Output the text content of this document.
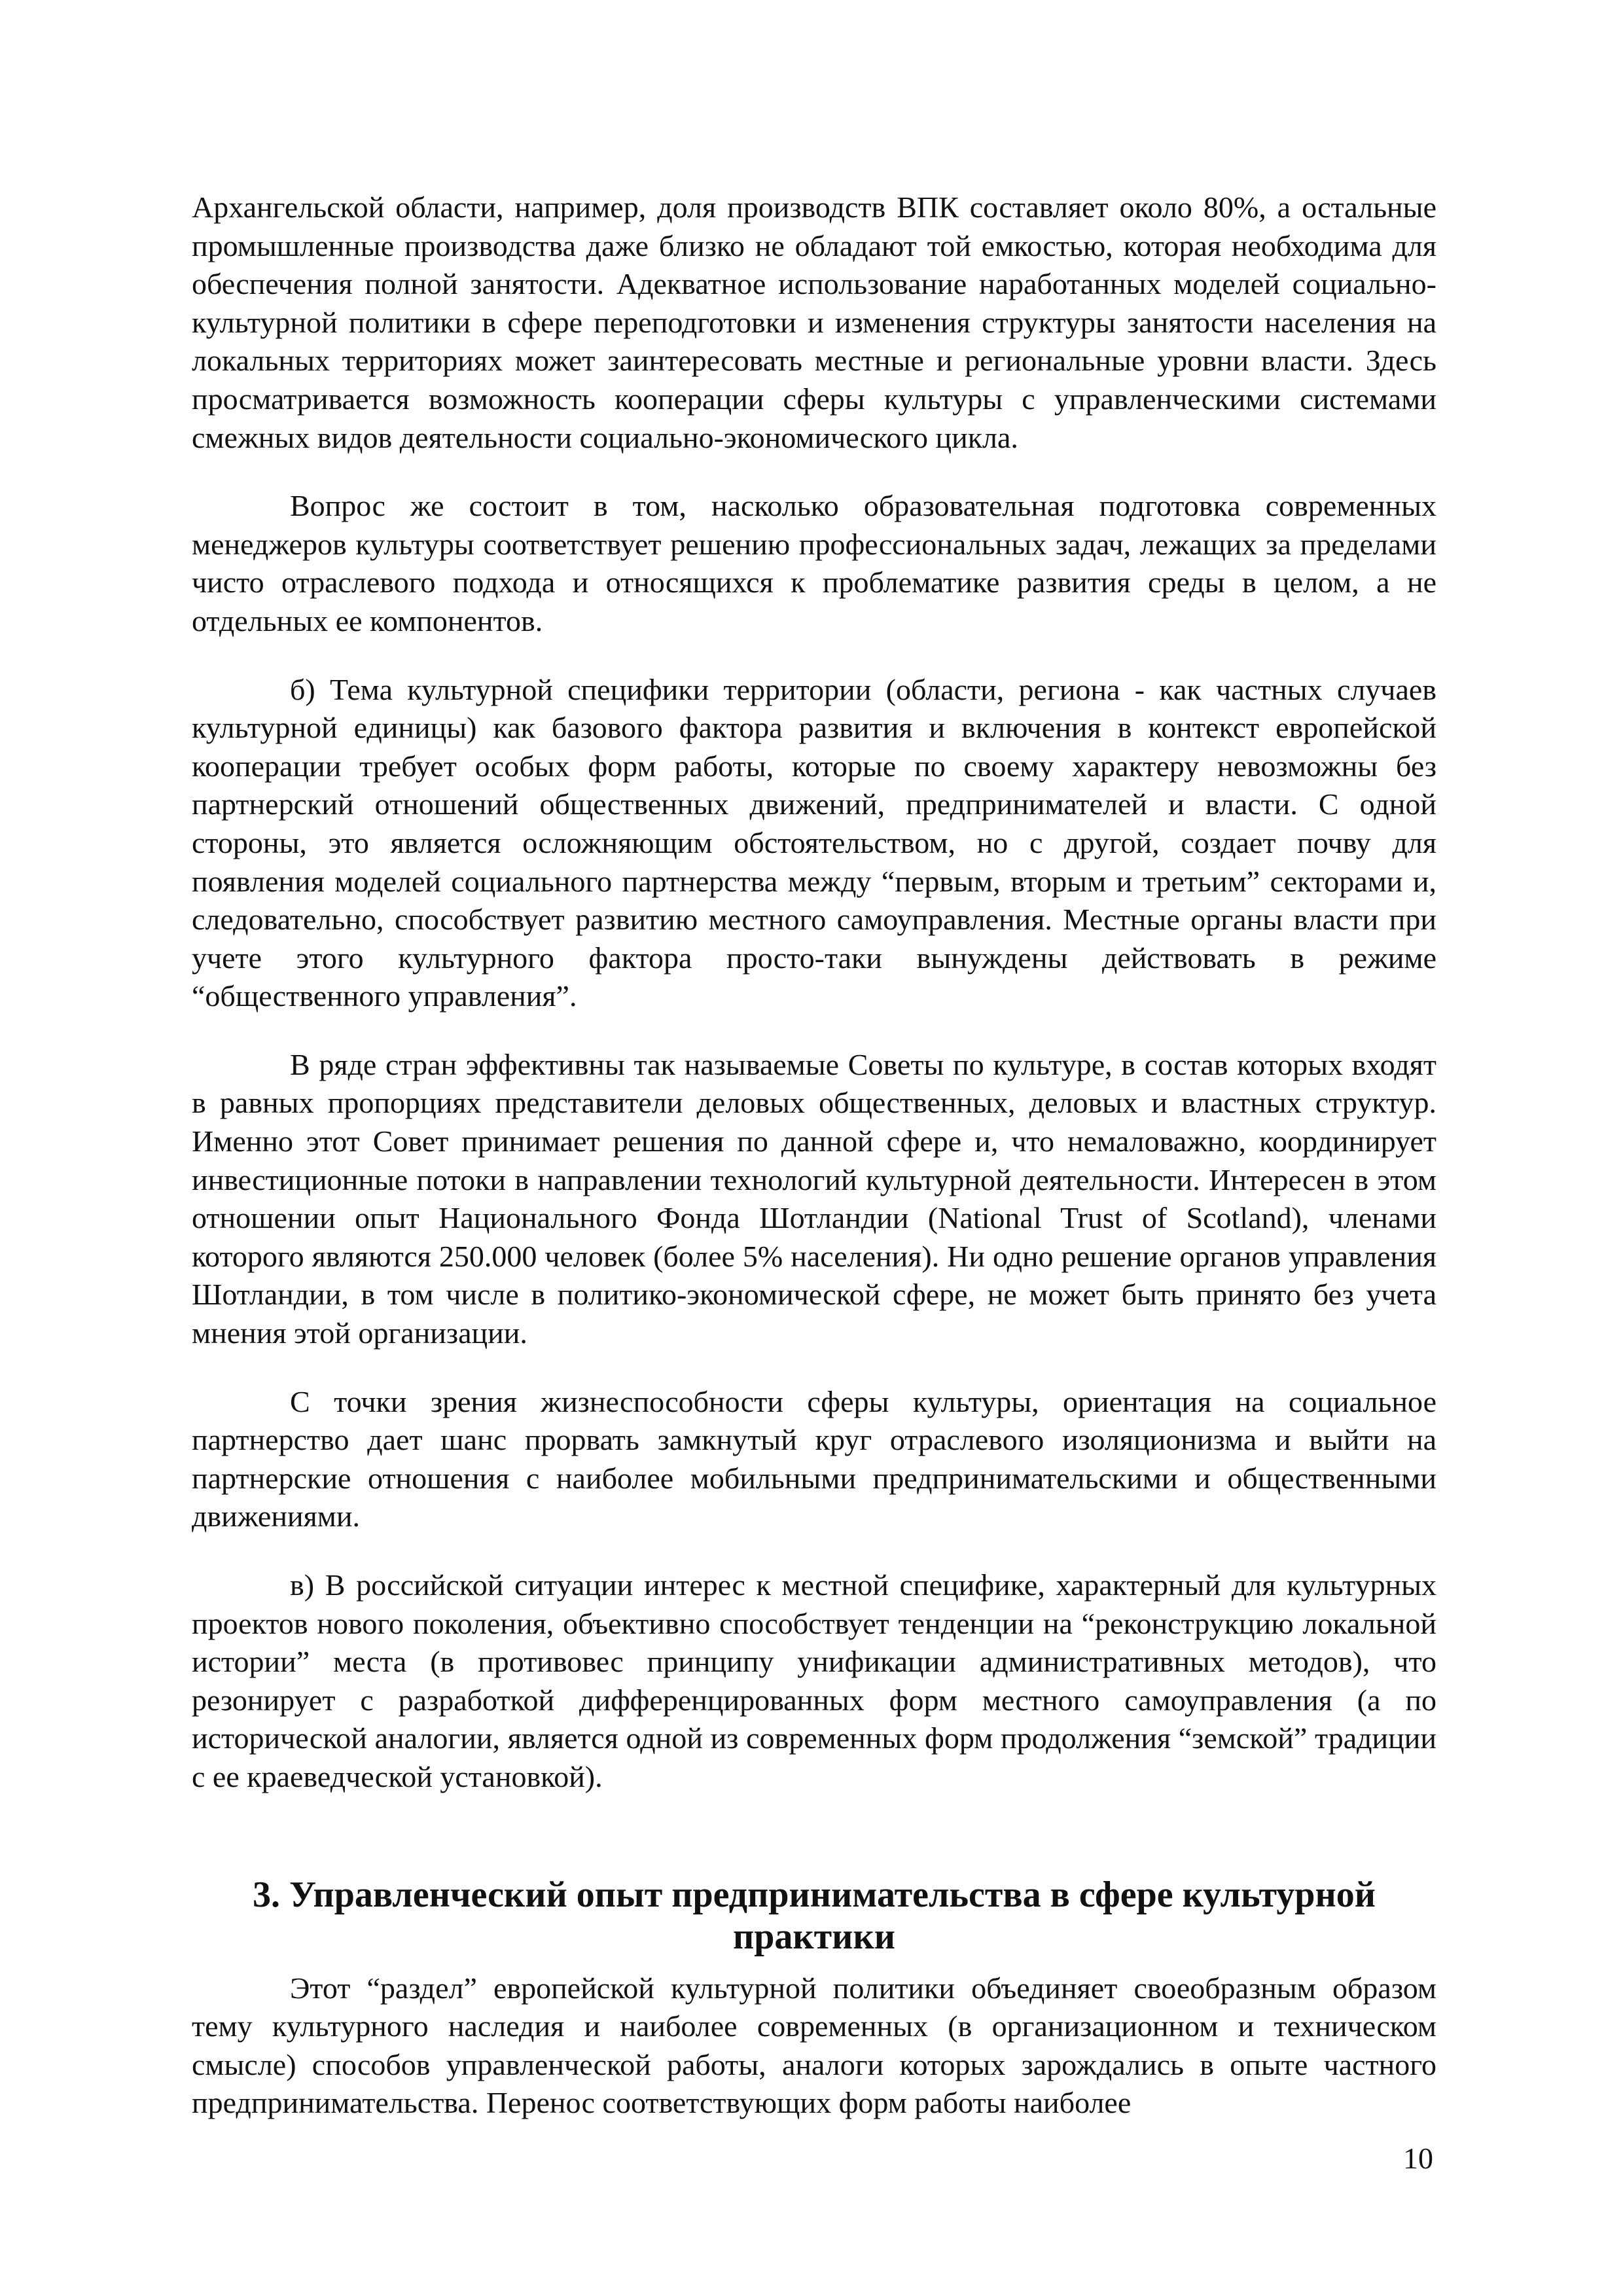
Архангельской области, например, доля производств ВПК составляет около 80%, а остальные промышленные производства даже близко не обладают той емкостью, которая необходима для обеспечения полной занятости. Адекватное использование наработанных моделей социально-культурной политики в сфере переподготовки и изменения структуры занятости населения на локальных территориях может заинтересовать местные и региональные уровни власти. Здесь просматривается возможность кооперации сферы культуры с управленческими системами смежных видов деятельности социально-экономического цикла.

Вопрос же состоит в том, насколько образовательная подготовка современных менеджеров культуры соответствует решению профессиональных задач, лежащих за пределами чисто отраслевого подхода и относящихся к проблематике развития среды в целом, а не отдельных ее компонентов.

б) Тема культурной специфики территории (области, региона - как частных случаев культурной единицы) как базового фактора развития и включения в контекст европейской кооперации требует особых форм работы, которые по своему характеру невозможны без партнерский отношений общественных движений, предпринимателей и власти. С одной стороны, это является осложняющим обстоятельством, но с другой, создает почву для появления моделей социального партнерства между “первым, вторым и третьим” секторами и, следовательно, способствует развитию местного самоуправления. Местные органы власти при учете этого культурного фактора просто-таки вынуждены действовать в режиме “общественного управления”.

В ряде стран эффективны так называемые Советы по культуре, в состав которых входят в равных пропорциях представители деловых общественных, деловых и властных структур. Именно этот Совет принимает решения по данной сфере и, что немаловажно, координирует инвестиционные потоки в направлении технологий культурной деятельности. Интересен в этом отношении опыт Национального Фонда Шотландии (National Trust of Scotland), членами которого являются 250.000 человек (более 5% населения). Ни одно решение органов управления Шотландии, в том числе в политико-экономической сфере, не может быть принято без учета мнения этой организации.

С точки зрения жизнеспособности сферы культуры, ориентация на социальное партнерство дает шанс прорвать замкнутый круг отраслевого изоляционизма и выйти на партнерские отношения с наиболее мобильными предпринимательскими и общественными движениями.

в) В российской ситуации интерес к местной специфике, характерный для культурных проектов нового поколения, объективно способствует тенденции на “реконструкцию локальной истории” места (в противовес принципу унификации административных методов), что резонирует с разработкой дифференцированных форм местного самоуправления (а по исторической аналогии, является одной из современных форм продолжения “земской” традиции с ее краеведческой установкой).

3. Управленческий опыт предпринимательства в сфере культурной
практики

Этот “раздел” европейской культурной политики объединяет своеобразным образом тему культурного наследия и наиболее современных (в организационном и техническом смысле) способов управленческой работы, аналоги которых зарождались в опыте частного предпринимательства. Перенос соответствующих форм работы наиболее

10
